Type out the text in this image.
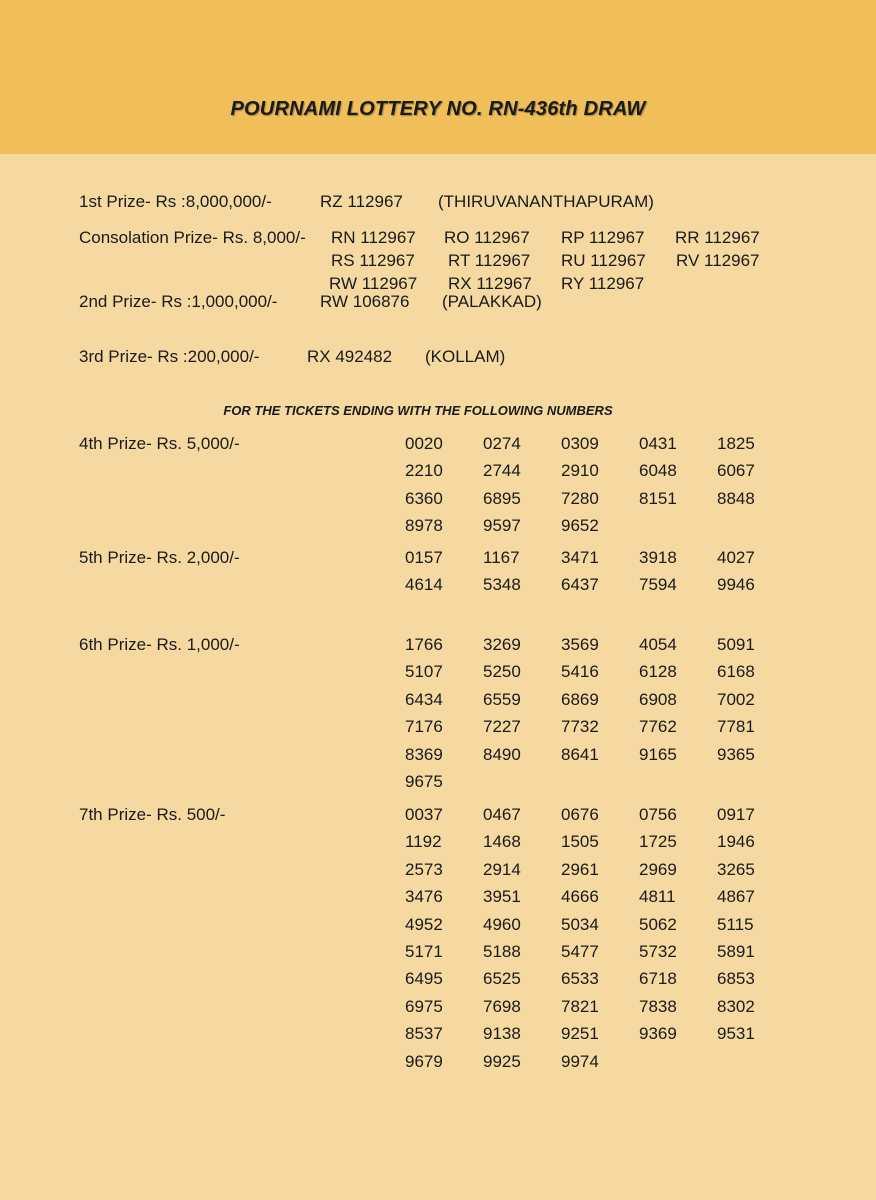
POURNAMI LOTTERY NO. RN-436th DRAW
1st Prize- Rs :8,000,000/-	RZ 112967 (THIRUVANANTHAPURAM)
Consolation Prize- Rs. 8,000/- RN 112967 RO 112967 RP 112967 RR 112967
RS 112967 RT 112967 RU 112967 RV 112967
RW 112967 RX 112967 RY 112967
2nd Prize- Rs :1,000,000/-	RW 106876 (PALAKKAD)
3rd Prize- Rs :200,000/-	RX 492482 (KOLLAM)
FOR THE TICKETS ENDING WITH THE FOLLOWING NUMBERS
4th Prize- Rs. 5,000/-	0020	0274	0309	0431	1825
2210	2744	2910	6048	6067
6360	6895	7280	8151	8848
8978	9597	9652
5th Prize- Rs. 2,000/-	0157	1167	3471	3918	4027
4614	5348	6437	7594	9946
6th Prize- Rs. 1,000/-	1766	3269	3569	4054	5091
5107	5250	5416	6128	6168
6434	6559	6869	6908	7002
7176	7227	7732	7762	7781
8369	8490	8641	9165	9365
9675
7th Prize- Rs. 500/-	0037	0467	0676	0756	0917
1192	1468	1505	1725	1946
2573	2914	2961	2969	3265
3476	3951	4666	4811	4867
4952	4960	5034	5062	5115
5171	5188	5477	5732	5891
6495	6525	6533	6718	6853
6975	7698	7821	7838	8302
8537	9138	9251	9369	9531
9679	9925	9974
